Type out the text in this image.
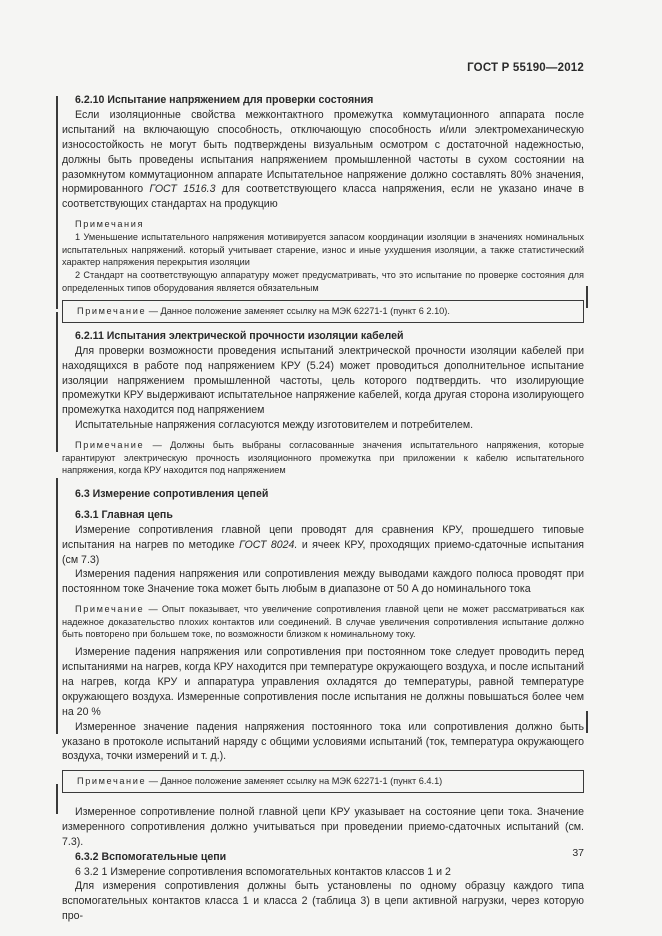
ГОСТ Р 55190—2012

6.2.10 Испытание напряжением для проверки состояния

Если изоляционные свойства межконтактного промежутка коммутационного аппарата после испытаний на включающую способность, отключающую способность и/или электромеханическую износостойкость не могут быть подтверждены визуальным осмотром с достаточной надежностью, должны быть проведены испытания напряжением промышленной частоты в сухом состоянии на разомкнутом коммутационном аппарате Испытательное напряжение должно составлять 80% значения, нормированного ГОСТ 1516.3 для соответствующего класса напряжения, если не указано иначе в соответствующих стандартах на продукцию

Примечания

1 Уменьшение испытательного напряжения мотивируется запасом координации изоляции в значениях номинальных испытательных напряжений. который учитывает старение, износ и иные ухудшения изоляции, а также статистический характер напряжения перекрытия изоляции

2 Стандарт на соответствующую аппаратуру может предусматривать, что это испытание по проверке состояния для определенных типов оборудования является обязательным

Примечание — Данное положение заменяет ссылку на МЭК 62271-1 (пункт 6 2.10).

6.2.11 Испытания электрической прочности изоляции кабелей

Для проверки возможности проведения испытаний электрической прочности изоляции кабелей при находящихся в работе под напряжением КРУ (5.24) может проводиться дополнительное испытание изоляции напряжением промышленной частоты, цель которого подтвердить. что изолирующие промежутки КРУ выдерживают испытательное напряжение кабелей, когда другая сторона изолирующего промежутка находится под напряжением

Испытательные напряжения согласуются между изготовителем и потребителем.

Примечание — Должны быть выбраны согласованные значения испытательного напряжения, которые гарантируют электрическую прочность изоляционного промежутка при приложении к кабелю испытательного напряжения, когда КРУ находится под напряжением

6.3 Измерение сопротивления цепей

6.3.1 Главная цепь

Измерение сопротивления главной цепи проводят для сравнения КРУ, прошедшего типовые испытания на нагрев по методике ГОСТ 8024. и ячеек КРУ, проходящих приемо-сдаточные испытания (см 7.3)

Измерения падения напряжения или сопротивления между выводами каждого полюса проводят при постоянном токе Значение тока может быть любым в диапазоне от 50 А до номинального тока

Примечание — Опыт показывает, что увеличение сопротивления главной цепи не может рассматриваться как надежное доказательство плохих контактов или соединений. В случае увеличения сопротивления испытание должно быть повторено при большем токе, по возможности близком к номинальному току.

Измерение падения напряжения или сопротивления при постоянном токе следует проводить перед испытаниями на нагрев, когда КРУ находится при температуре окружающего воздуха, и после испытаний на нагрев, когда КРУ и аппаратура управления охладятся до температуры, равной температуре окружающего воздуха. Измеренные сопротивления после испытания не должны повышаться более чем на 20 %

Измеренное значение падения напряжения постоянного тока или сопротивления должно быть указано в протоколе испытаний наряду с общими условиями испытаний (ток, температура окружающего воздуха, точки измерений и т. д.).

Примечание — Данное положение заменяет ссылку на МЭК 62271-1 (пункт 6.4.1)

Измеренное сопротивление полной главной цепи КРУ указывает на состояние цепи тока. Значение измеренного сопротивления должно учитываться при проведении приемо-сдаточных испытаний (см. 7.3).

6.3.2 Вспомогательные цепи

6 3.2 1 Измерение сопротивления вспомогательных контактов классов 1 и 2

Для измерения сопротивления должны быть установлены по одному образцу каждого типа вспомогательных контактов класса 1 и класса 2 (таблица 3) в цепи активной нагрузки, через которую про-

37
